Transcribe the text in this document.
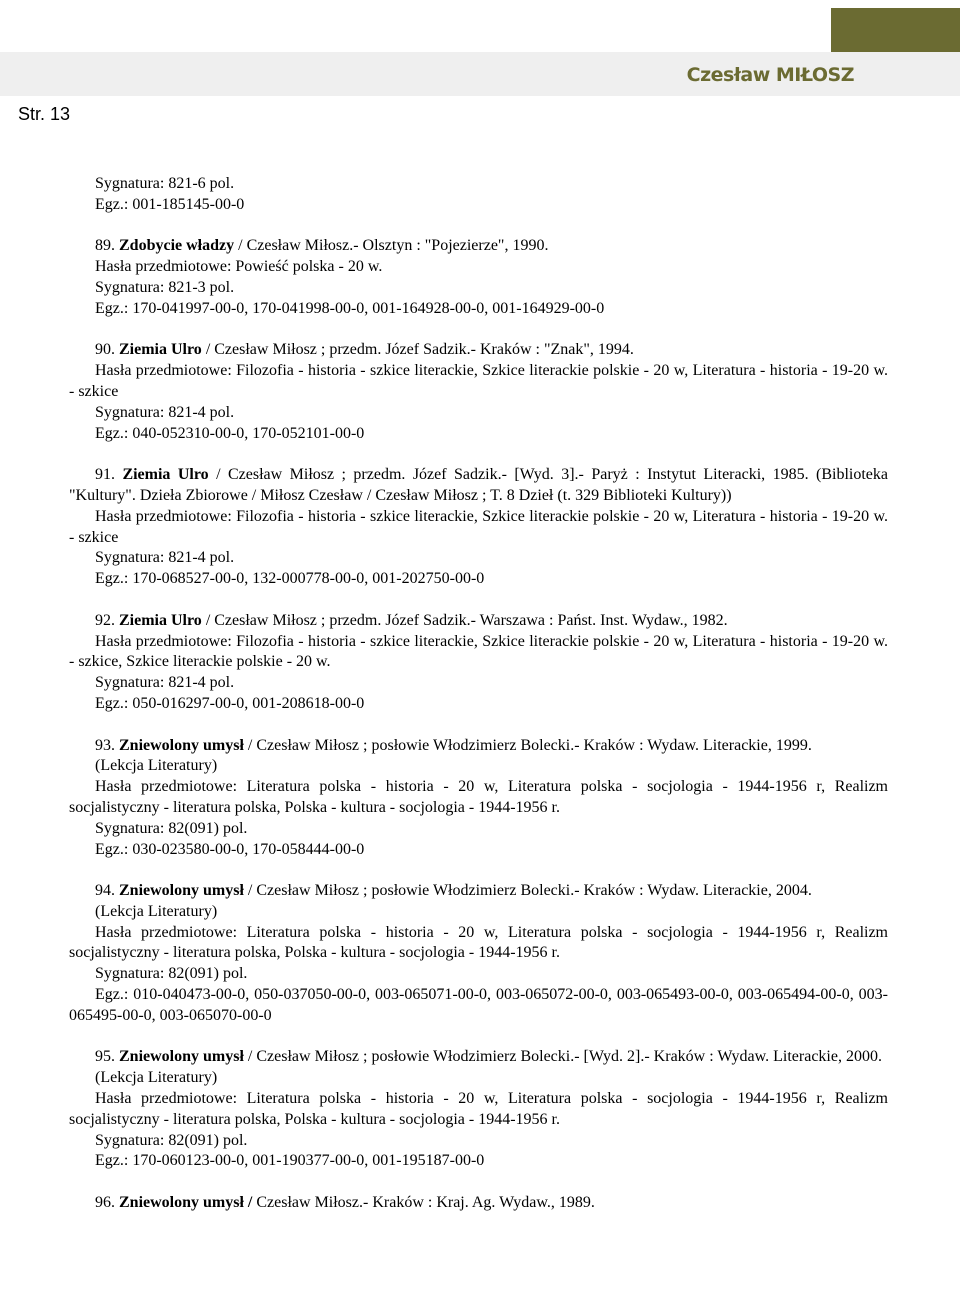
Czesław MIŁOSZ
Str. 13
Sygnatura: 821-6 pol.
Egz.: 001-185145-00-0
89. Zdobycie władzy / Czesław Miłosz.- Olsztyn : "Pojezierze", 1990.
Hasła przedmiotowe: Powieść polska - 20 w.
Sygnatura: 821-3 pol.
Egz.: 170-041997-00-0, 170-041998-00-0, 001-164928-00-0, 001-164929-00-0
90. Ziemia Ulro / Czesław Miłosz ; przedm. Józef Sadzik.- Kraków : "Znak", 1994.
Hasła przedmiotowe: Filozofia - historia - szkice literackie, Szkice literackie polskie - 20 w, Literatura - historia - 19-20 w. - szkice
Sygnatura: 821-4 pol.
Egz.: 040-052310-00-0, 170-052101-00-0
91. Ziemia Ulro / Czesław Miłosz ; przedm. Józef Sadzik.- [Wyd. 3].- Paryż : Instytut Literacki, 1985. (Biblioteka "Kultury". Dzieła Zbiorowe / Miłosz Czesław / Czesław Miłosz ; T. 8 Dzieł (t. 329 Biblioteki Kultury))
Hasła przedmiotowe: Filozofia - historia - szkice literackie, Szkice literackie polskie - 20 w, Literatura - historia - 19-20 w. - szkice
Sygnatura: 821-4 pol.
Egz.: 170-068527-00-0, 132-000778-00-0, 001-202750-00-0
92. Ziemia Ulro / Czesław Miłosz ; przedm. Józef Sadzik.- Warszawa : Państ. Inst. Wydaw., 1982.
Hasła przedmiotowe: Filozofia - historia - szkice literackie, Szkice literackie polskie - 20 w, Literatura - historia - 19-20 w. - szkice, Szkice literackie polskie - 20 w.
Sygnatura: 821-4 pol.
Egz.: 050-016297-00-0, 001-208618-00-0
93. Zniewolony umysł / Czesław Miłosz ; posłowie Włodzimierz Bolecki.- Kraków : Wydaw. Literackie, 1999.
(Lekcja Literatury)
Hasła przedmiotowe: Literatura polska - historia - 20 w, Literatura polska - socjologia - 1944-1956 r, Realizm socjalistyczny - literatura polska, Polska - kultura - socjologia - 1944-1956 r.
Sygnatura: 82(091) pol.
Egz.: 030-023580-00-0, 170-058444-00-0
94. Zniewolony umysł / Czesław Miłosz ; posłowie Włodzimierz Bolecki.- Kraków : Wydaw. Literackie, 2004.
(Lekcja Literatury)
Hasła przedmiotowe: Literatura polska - historia - 20 w, Literatura polska - socjologia - 1944-1956 r, Realizm socjalistyczny - literatura polska, Polska - kultura - socjologia - 1944-1956 r.
Sygnatura: 82(091) pol.
Egz.: 010-040473-00-0, 050-037050-00-0, 003-065071-00-0, 003-065072-00-0, 003-065493-00-0, 003-065494-00-0, 003-065495-00-0, 003-065070-00-0
95. Zniewolony umysł / Czesław Miłosz ; posłowie Włodzimierz Bolecki.- [Wyd. 2].- Kraków : Wydaw. Literackie, 2000.
(Lekcja Literatury)
Hasła przedmiotowe: Literatura polska - historia - 20 w, Literatura polska - socjologia - 1944-1956 r, Realizm socjalistyczny - literatura polska, Polska - kultura - socjologia - 1944-1956 r.
Sygnatura: 82(091) pol.
Egz.: 170-060123-00-0, 001-190377-00-0, 001-195187-00-0
96. Zniewolony umysł / Czesław Miłosz.- Kraków : Kraj. Ag. Wydaw., 1989.
